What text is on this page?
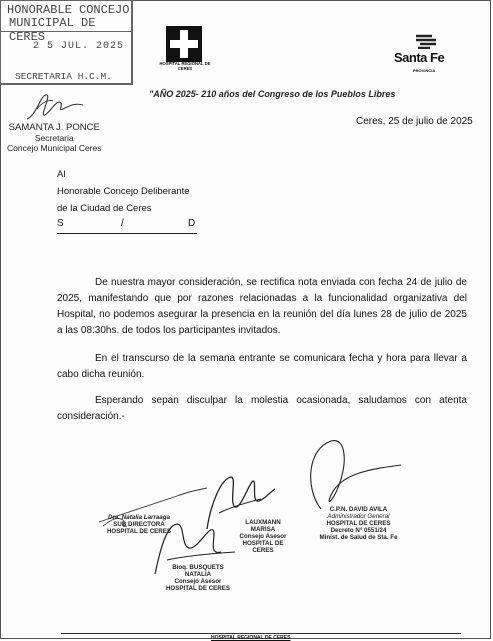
HONORABLE CONCEJO
MUNICIPAL DE CERES
2 5 JUL. 2025
SECRETARIA H.C.M.
HOSPITAL REGIONAL DE CERES
Santa Fe
PROVINCIA
"AÑO 2025- 210 años del Congreso de los Pueblos Libres
SAMANTA J. PONCE
Secretaria
Concejo Municipal Ceres
Ceres, 25 de julio de 2025
Al
Honorable Concejo Deliberante
de la Ciudad de Ceres
S	/	D
De nuestra mayor consideración, se rectifica nota enviada con fecha 24 de julio de 2025, manifestando que por razones relacionadas a la funcionalidad organizativa del Hospital, no podemos asegurar la presencia en la reunión del día lunes 28 de julio de 2025 a las 08:30hs. de todos los participantes invitados.
En el transcurso de la semana entrante se comunicara fecha y hora para llevar a cabo dicha reunión.
Esperando sepan disculpar la molestia ocasionada, saludamos con atenta consideración.-
Dra. Natalia Larraaga
SUB DIRECTORA
HOSPITAL DE CERES
LAUXMANN MARISA
Consejo Asesor
HOSPITAL DE CERES
C.P.N. DAVID AVILA
Administrador General
HOSPITAL DE CERES
Decreto N° 0551/24
Minist. de Salud de Sta. Fe
Bioq. BUSQUETS NATALIA
Consejo Asesor
HOSPITAL DE CERES
HOSPITAL REGIONAL DE CERES
